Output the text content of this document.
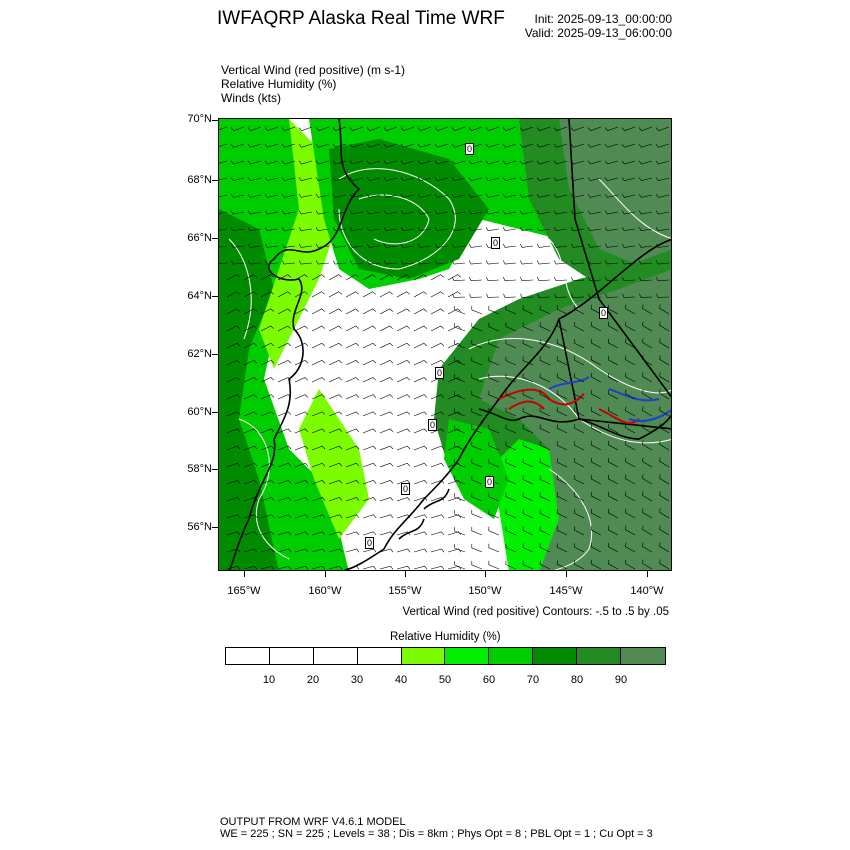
IWFAQRP Alaska Real Time WRF Init: 2025-09-13_00:00:00
Valid: 2025-09-13_06:00:00
Vertical Wind (red positive) (m s-1)
Relative Humidity (%)
Winds (kts)
0
0
0
0
0
0
0
0
70°N
68°N
66°N
64°N
62°N
60°N
58°N
56°N
165°W	160°W	155°W	150°W	145°W	140°W
Vertical Wind (red positive) Contours: -.5 to .5 by .05
Relative Humidity (%)
10	20	30	40	50	60	70	80	90
OUTPUT FROM WRF V4.6.1 MODEL
WE = 225 ; SN = 225 ; Levels = 38 ; Dis = 8km ; Phys Opt = 8 ; PBL Opt = 1 ; Cu Opt = 3
